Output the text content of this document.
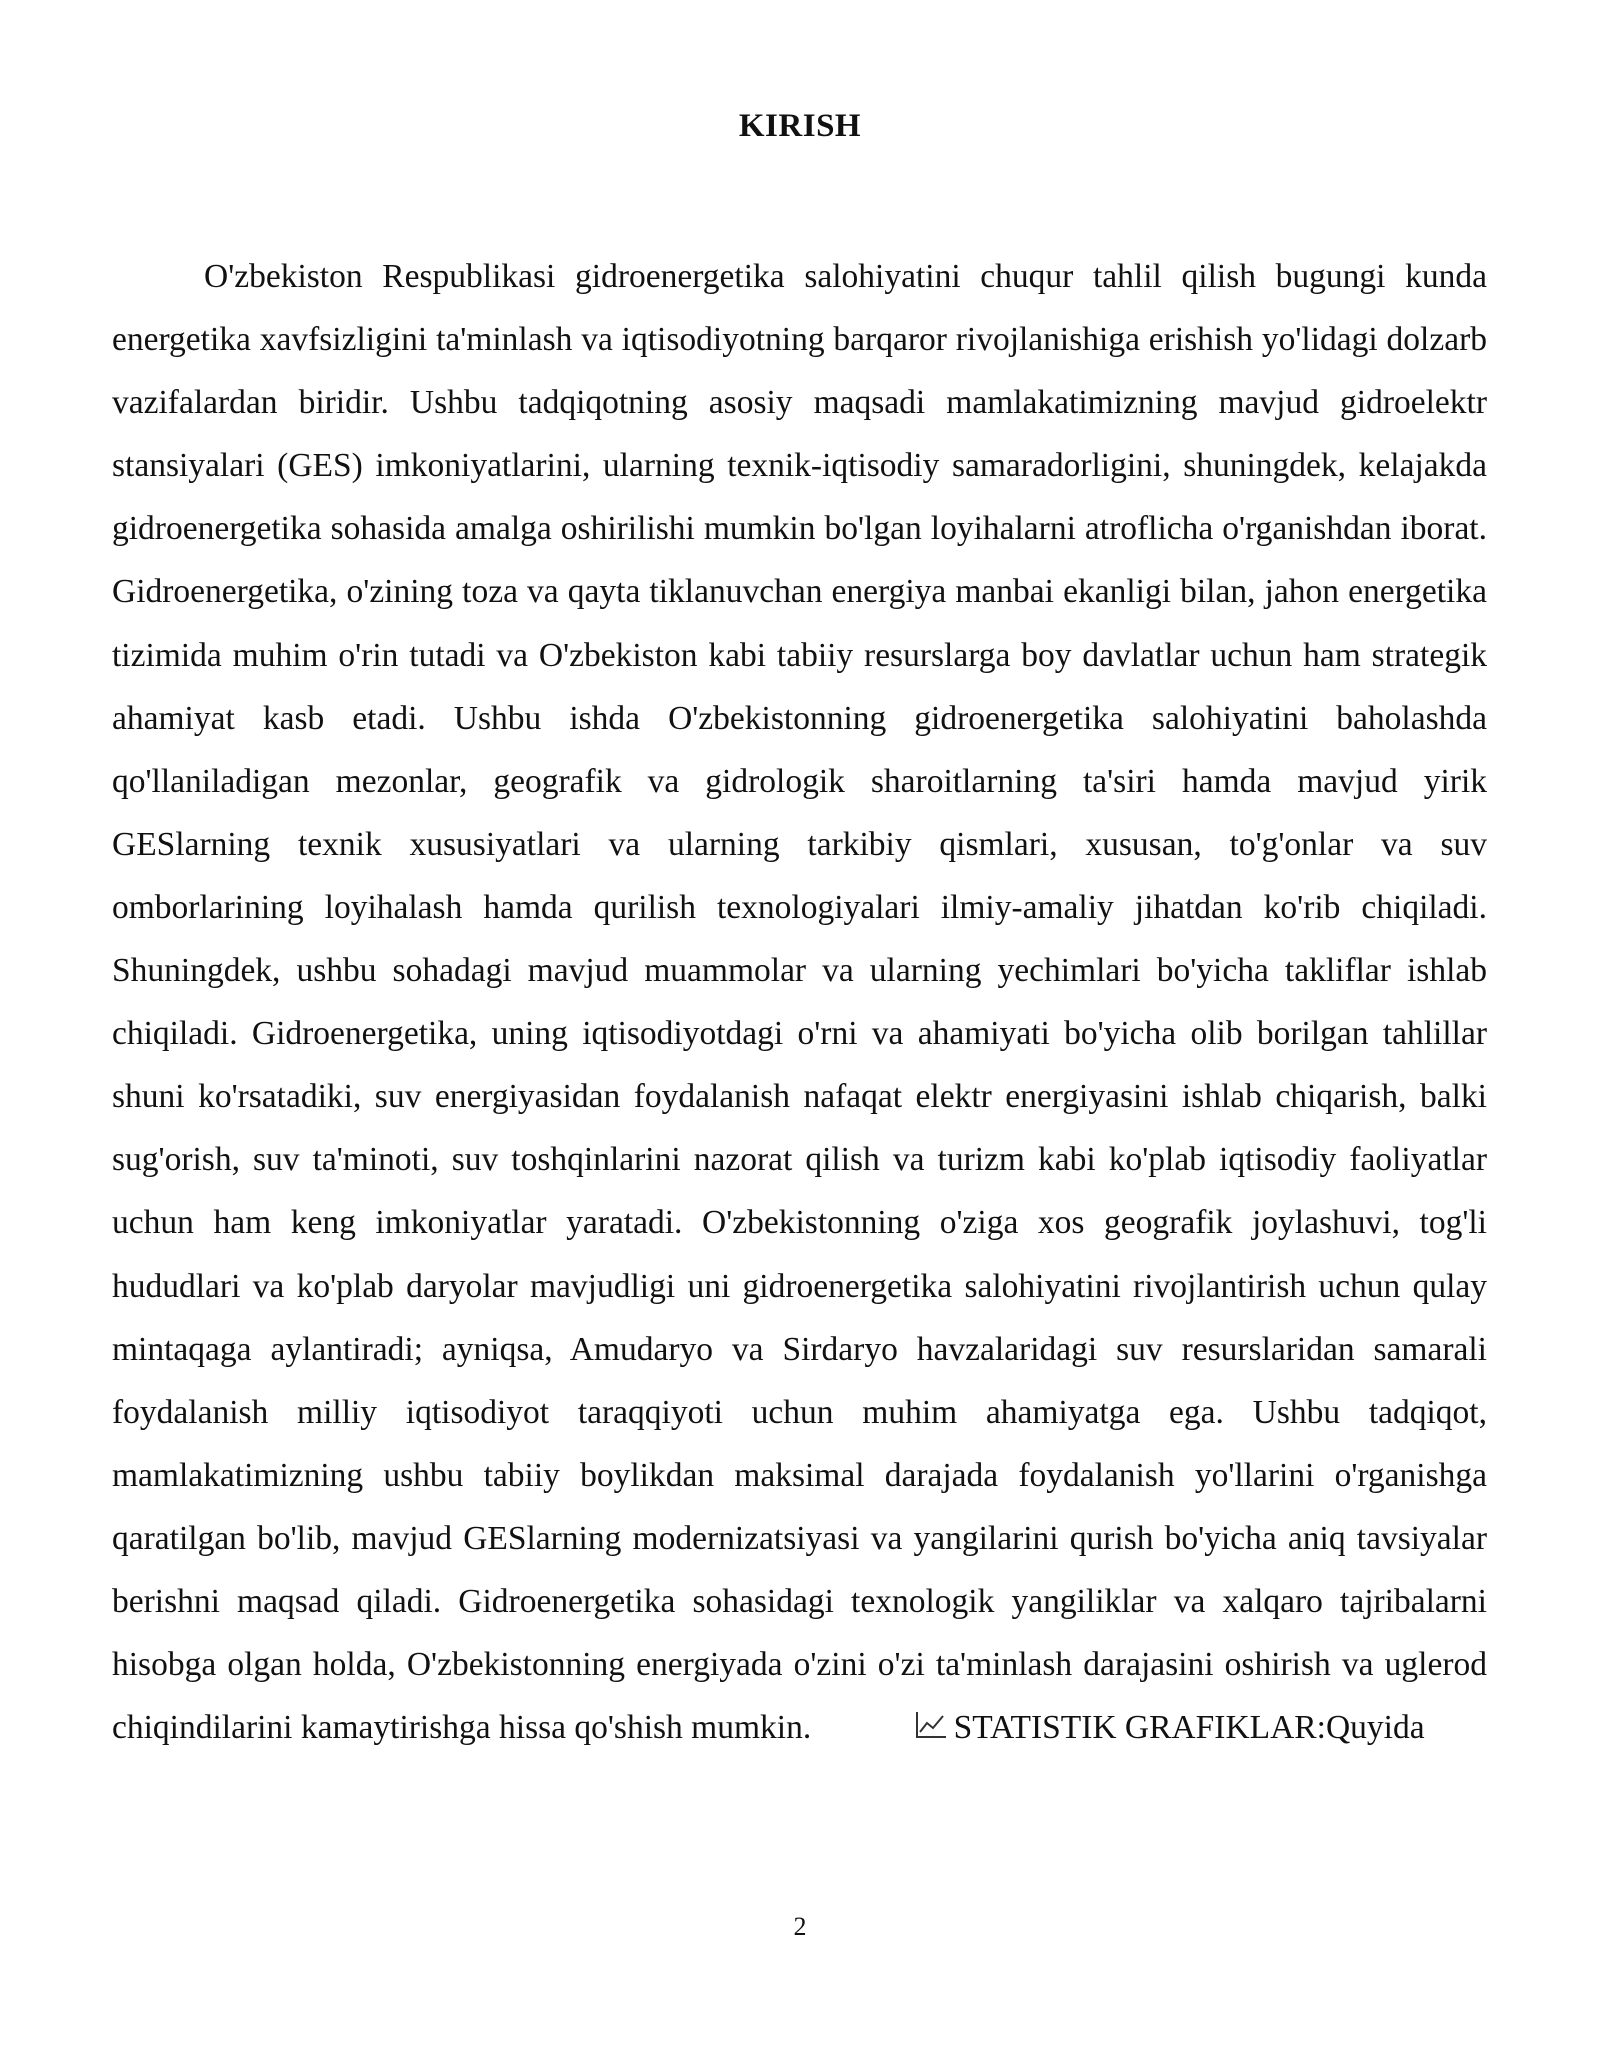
KIRISH

O'zbekiston Respublikasi gidroenergetika salohiyatini chuqur tahlil qilish bugungi kunda energetika xavfsizligini ta'minlash va iqtisodiyotning barqaror rivojlanishiga erishish yo'lidagi dolzarb vazifalardan biridir. Ushbu tadqiqotning asosiy maqsadi mamlakatimizning mavjud gidroelektr stansiyalari (GES) imkoniyatlarini, ularning texnik-iqtisodiy samaradorligini, shuningdek, kelajakda gidroenergetika sohasida amalga oshirilishi mumkin bo'lgan loyihalarni atroflicha o'rganishdan iborat. Gidroenergetika, o'zining toza va qayta tiklanuvchan energiya manbai ekanligi bilan, jahon energetika tizimida muhim o'rin tutadi va O'zbekiston kabi tabiiy resurslarga boy davlatlar uchun ham strategik ahamiyat kasb etadi. Ushbu ishda O'zbekistonning gidroenergetika salohiyatini baholashda qo'llaniladigan mezonlar, geografik va gidrologik sharoitlarning ta'siri hamda mavjud yirik GESlarning texnik xususiyatlari va ularning tarkibiy qismlari, xususan, to'g'onlar va suv omborlarining loyihalash hamda qurilish texnologiyalari ilmiy-amaliy jihatdan ko'rib chiqiladi. Shuningdek, ushbu sohadagi mavjud muammolar va ularning yechimlari bo'yicha takliflar ishlab chiqiladi. Gidroenergetika, uning iqtisodiyotdagi o'rni va ahamiyati bo'yicha olib borilgan tahlillar shuni ko'rsatadiki, suv energiyasidan foydalanish nafaqat elektr energiyasini ishlab chiqarish, balki sug'orish, suv ta'minoti, suv toshqinlarini nazorat qilish va turizm kabi ko'plab iqtisodiy faoliyatlar uchun ham keng imkoniyatlar yaratadi. O'zbekistonning o'ziga xos geografik joylashuvi, tog'li hududlari va ko'plab daryolar mavjudligi uni gidroenergetika salohiyatini rivojlantirish uchun qulay mintaqaga aylantiradi; ayniqsa, Amudaryo va Sirdaryo havzalaridagi suv resurslaridan samarali foydalanish milliy iqtisodiyot taraqqiyoti uchun muhim ahamiyatga ega. Ushbu tadqiqot, mamlakatimizning ushbu tabiiy boylikdan maksimal darajada foydalanish yo'llarini o'rganishga qaratilgan bo'lib, mavjud GESlarning modernizatsiyasi va yangilarini qurish bo'yicha aniq tavsiyalar berishni maqsad qiladi. Gidroenergetika sohasidagi texnologik yangiliklar va xalqaro tajribalarni hisobga olgan holda, O'zbekistonning energiyada o'zini o'zi ta'minlash darajasini oshirish va uglerod chiqindilarini kamaytirishga hissa qo'shish mumkin.	STATISTIK GRAFIKLAR:Quyida

2
